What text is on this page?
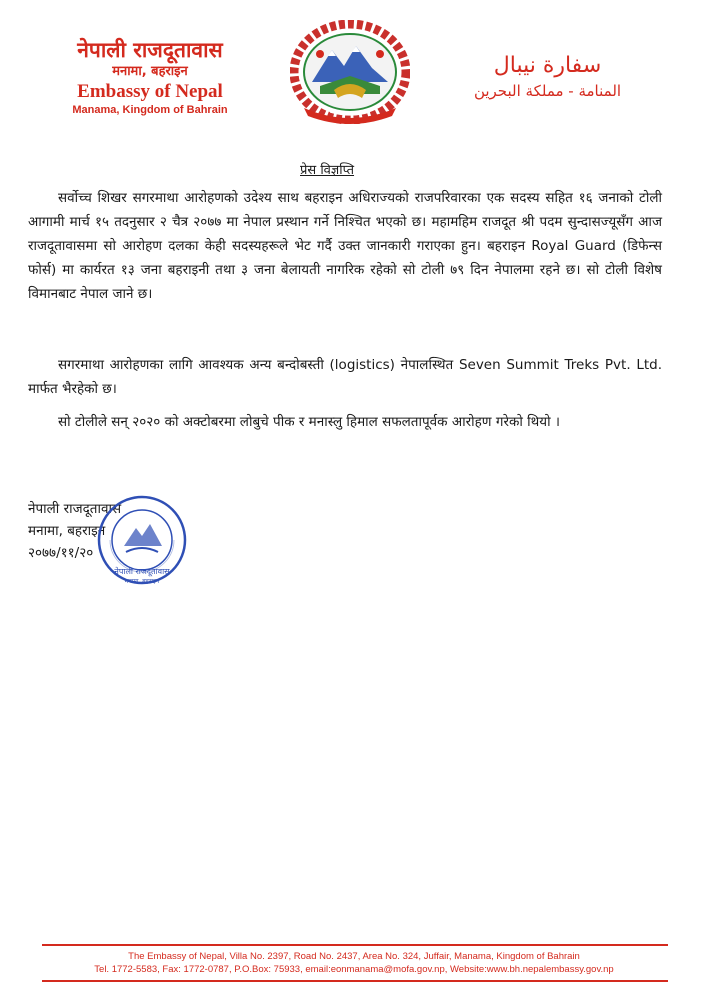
नेपाली राजदूतावास
मनामा, बहराइन
Embassy of Nepal
Manama, Kingdom of Bahrain
سفارة نيبال
المنامة - مملكة البحرين
प्रेस विज्ञप्ति
सर्वोच्च शिखर सगरमाथा आरोहणको उदेश्य साथ बहराइन अधिराज्यको राजपरिवारका एक सदस्य सहित १६ जनाको टोली आगामी मार्च १५ तदनुसार २ चैत्र २०७७ मा नेपाल प्रस्थान गर्ने निश्चित भएको छ। महामहिम राजदूत श्री पदम सुन्दासज्यूसँग आज राजदूतावासमा सो आरोहण दलका केही सदस्यहरूले भेट गर्दै उक्त जानकारी गराएका हुन। बहराइन Royal Guard (डिफेन्स फोर्स) मा कार्यरत १३ जना बहराइनी तथा ३ जना बेलायती नागरिक रहेको सो टोली ७९ दिन नेपालमा रहने छ। सो टोली विशेष विमानबाट नेपाल जाने छ।
सगरमाथा आरोहणका लागि आवश्यक अन्य बन्दोबस्ती (logistics) नेपालस्थित Seven Summit Treks Pvt. Ltd. मार्फत भैरहेको छ।
सो टोलीले सन् २०२० को अक्टोबरमा लोबुचे पीक र मनास्लु हिमाल सफलतापूर्वक आरोहण गरेको थियो ।
नेपाली राजदूतावास
मनामा, बहराइन
२०७७/११/२०
नेपाली राजदूतावास
मनामा, बहराइन
The Embassy of Nepal, Villa No. 2397, Road No. 2437, Area No. 324, Juffair, Manama, Kingdom of Bahrain
Tel. 1772-5583, Fax: 1772-0787, P.O.Box: 75933, email:eonmanama@mofa.gov.np, Website:www.bh.nepalembassy.gov.np
